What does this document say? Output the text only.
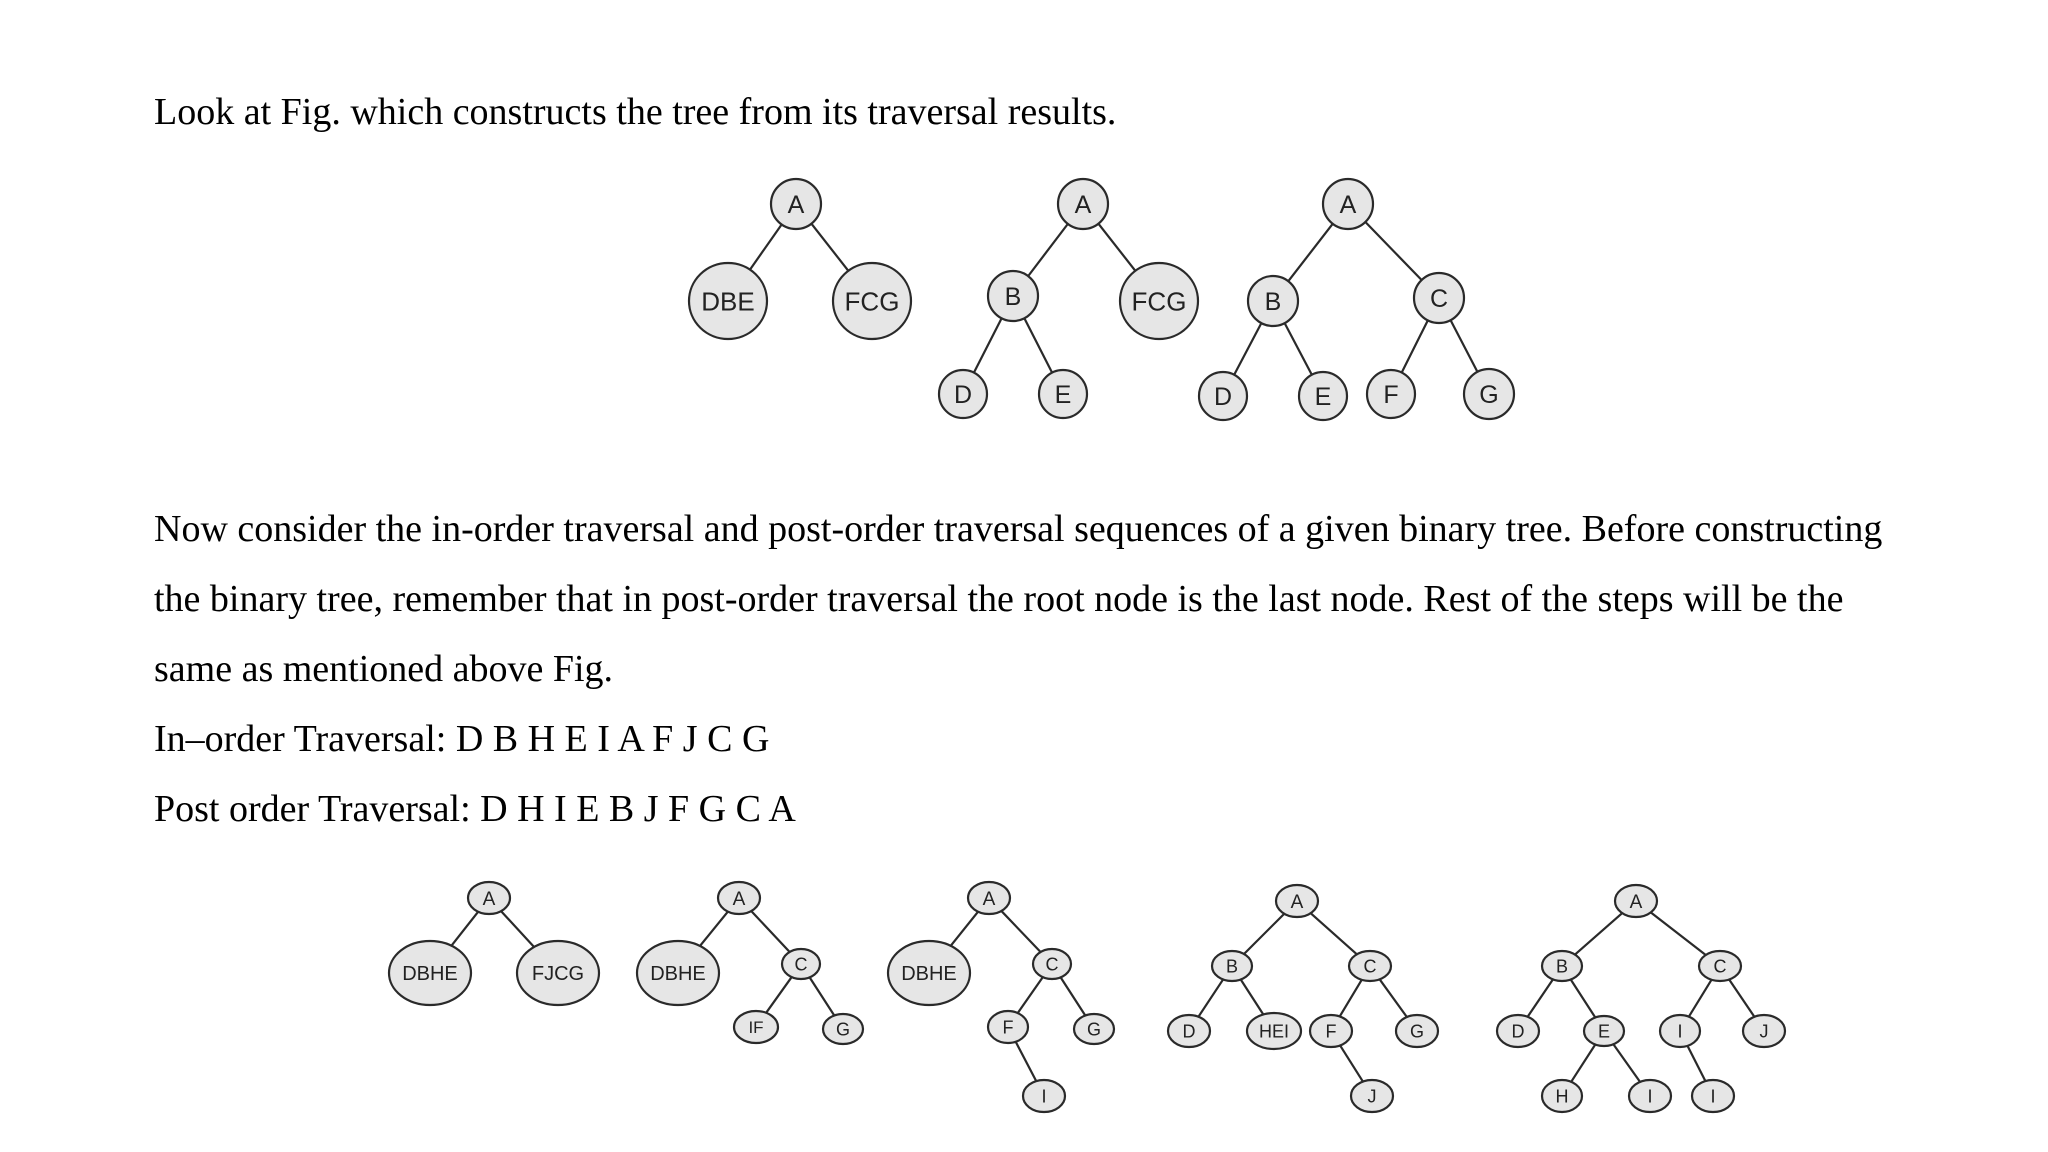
Look at Fig. which constructs the tree from its traversal results.
A
DBE	FCG
A
B	FCG
D	E
A
B	C
D	E F	G
Now consider the in-order traversal and post-order traversal sequences of a given binary tree. Before constructing
the binary tree, remember that in post-order traversal the root node is the last node. Rest of the steps will be the
same as mentioned above Fig.
In–order Traversal: D B H E I A F J C G
Post order Traversal: D H I E B J F G C A
A
DBHE	FJCG
A
DBHE	C
IF	G
A
DBHE	C
F	G
I
A
B	C
D	HEI F	G
J
A
B	C
D	E	I	J
H	I	I
